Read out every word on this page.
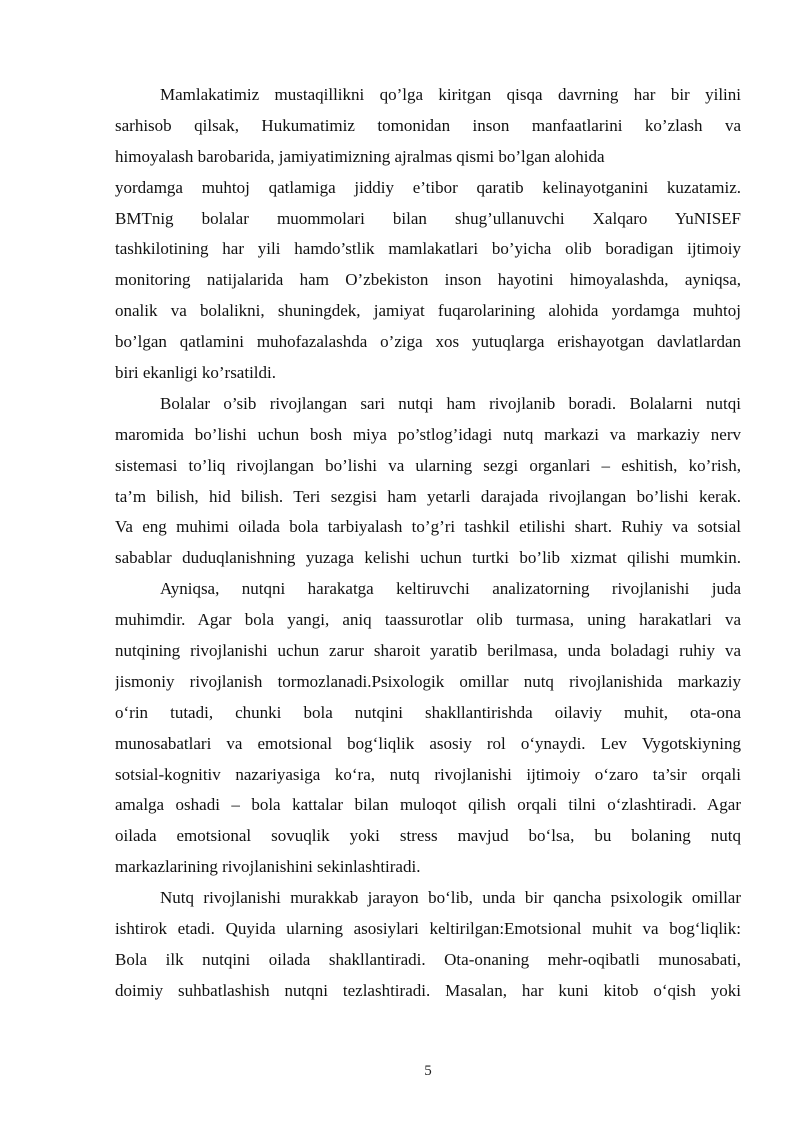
Mamlakatimiz mustaqillikni qo’lga kiritgan qisqa davrning har bir yilini
sarhisob qilsak, Hukumatimiz tomonidan inson manfaatlarini ko’zlash va
himoyalash barobarida, jamiyatimizning ajralmas qismi bo’lgan alohida
yordamga muhtoj qatlamiga jiddiy e’tibor qaratib kelinayotganini kuzatamiz.
BMTnig bolalar muommolari bilan shug’ullanuvchi Xalqaro YuNISEF
tashkilotining har yili hamdo’stlik mamlakatlari bo’yicha olib boradigan ijtimoiy
monitoring natijalarida ham O’zbekiston inson hayotini himoyalashda, ayniqsa,
onalik va bolalikni, shuningdek, jamiyat fuqarolarining alohida yordamga muhtoj
bo’lgan qatlamini muhofazalashda o’ziga xos yutuqlarga erishayotgan davlatlardan
biri ekanligi ko’rsatildi.
Bolalar o’sib rivojlangan sari nutqi ham rivojlanib boradi. Bolalarni nutqi
maromida bo’lishi uchun bosh miya po’stlog’idagi nutq markazi va markaziy nerv
sistemasi to’liq rivojlangan bo’lishi va ularning sezgi organlari – eshitish, ko’rish,
ta’m bilish, hid bilish. Teri sezgisi ham yetarli darajada rivojlangan bo’lishi kerak.
Va eng muhimi oilada bola tarbiyalash to’g’ri tashkil etilishi shart. Ruhiy va sotsial
sabablar duduqlanishning yuzaga kelishi uchun turtki bo’lib xizmat qilishi mumkin.
Ayniqsa, nutqni harakatga keltiruvchi analizatorning rivojlanishi juda
muhimdir. Agar bola yangi, aniq taassurotlar olib turmasa, uning harakatlari va
nutqining rivojlanishi uchun zarur sharoit yaratib berilmasa, unda boladagi ruhiy va
jismoniy rivojlanish tormozlanadi.Psixologik omillar nutq rivojlanishida markaziy
o‘rin tutadi, chunki bola nutqini shakllantirishda oilaviy muhit, ota-ona
munosabatlari va emotsional bog‘liqlik asosiy rol o‘ynaydi. Lev Vygotskiyning
sotsial-kognitiv nazariyasiga ko‘ra, nutq rivojlanishi ijtimoiy o‘zaro ta’sir orqali
amalga oshadi – bola kattalar bilan muloqot qilish orqali tilni o‘zlashtiradi. Agar
oilada emotsional sovuqlik yoki stress mavjud bo‘lsa, bu bolaning nutq
markazlarining rivojlanishini sekinlashtiradi.
Nutq rivojlanishi murakkab jarayon bo‘lib, unda bir qancha psixologik omillar
ishtirok etadi. Quyida ularning asosiylari keltirilgan:Emotsional muhit va bog‘liqlik:
Bola ilk nutqini oilada shakllantiradi. Ota-onaning mehr-oqibatli munosabati,
doimiy suhbatlashish nutqni tezlashtiradi. Masalan, har kuni kitob o‘qish yoki
5
